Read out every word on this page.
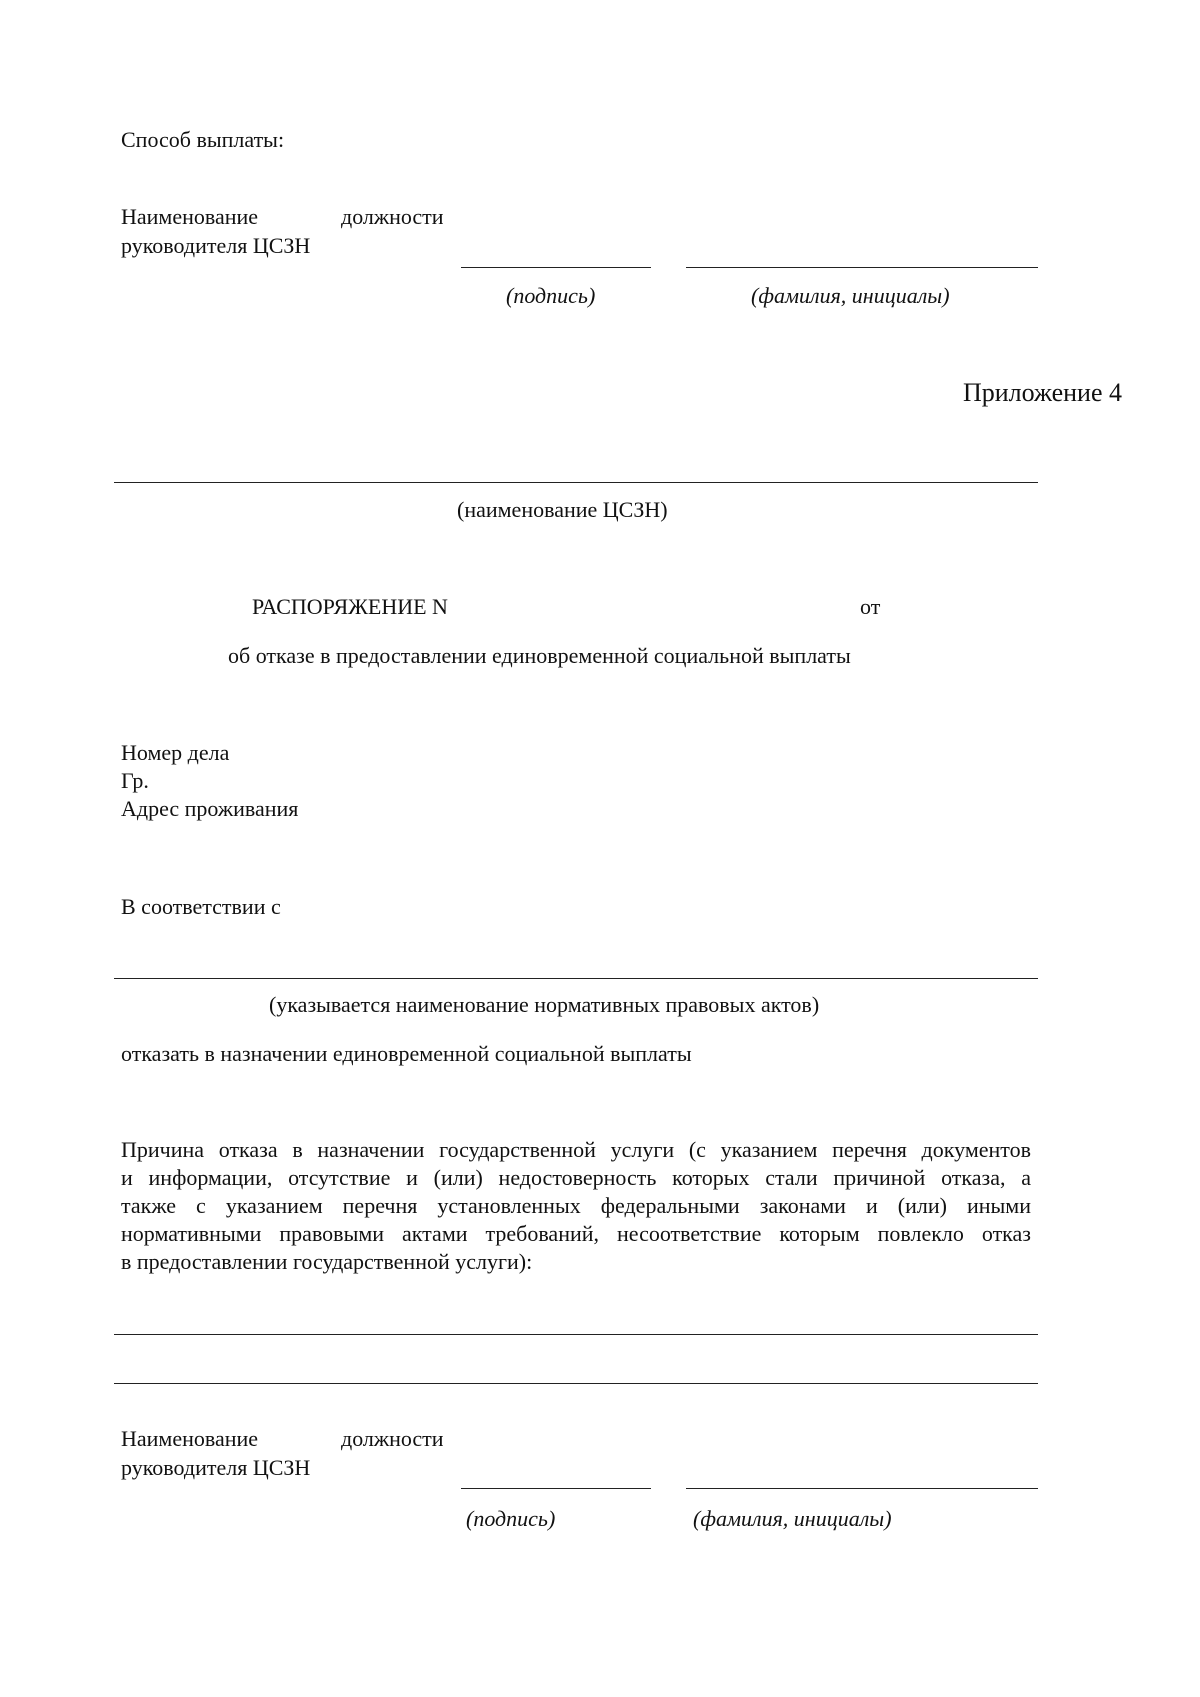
Способ выплаты:
Наименование	должности
руководителя ЦСЗН
(подпись)	(фамилия, инициалы)
Приложение 4
(наименование ЦСЗН)
РАСПОРЯЖЕНИЕ N	от
об отказе в предоставлении единовременной социальной выплаты
Номер дела
Гр.
Адрес проживания
В соответствии с
(указывается наименование нормативных правовых актов)
отказать в назначении единовременной социальной выплаты
Причина отказа в назначении государственной услуги (с указанием перечня документов
и информации, отсутствие и (или) недостоверность которых стали причиной отказа, а
также с указанием перечня установленных федеральными законами и (или) иными
нормативными правовыми актами требований, несоответствие которым повлекло отказ
в предоставлении государственной услуги):
Наименование	должности
руководителя ЦСЗН
(подпись)	(фамилия, инициалы)
